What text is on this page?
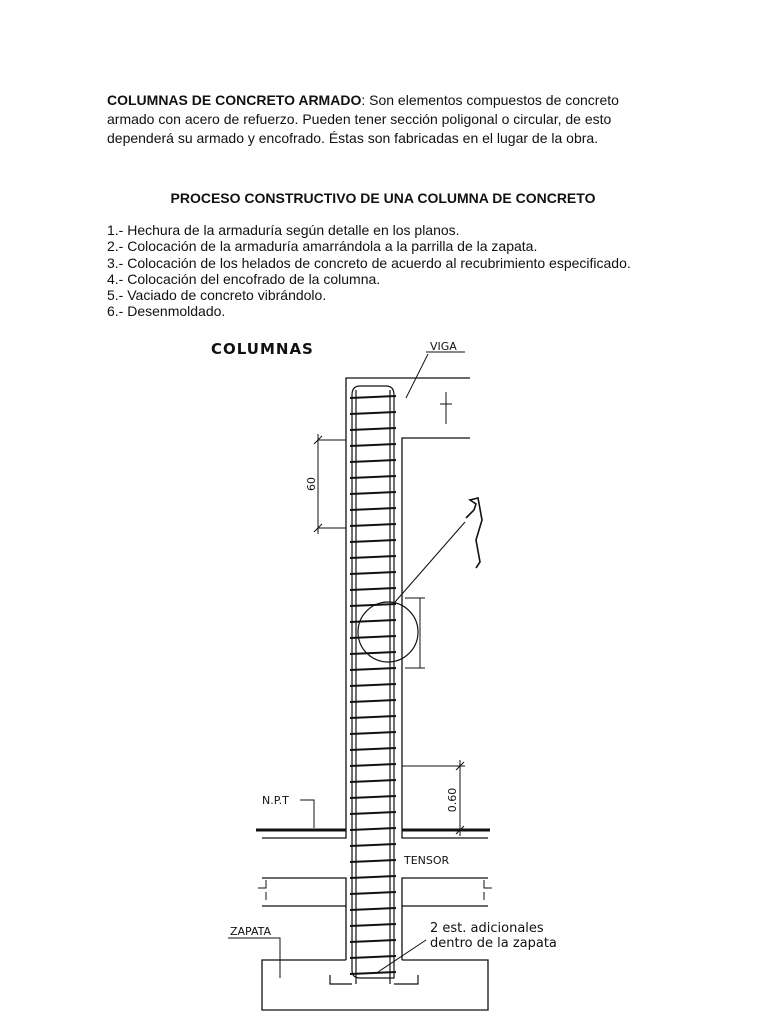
COLUMNAS DE CONCRETO ARMADO: Son elementos compuestos de concreto
armado con acero de refuerzo. Pueden tener sección poligonal o circular, de esto
dependerá su armado y encofrado. Éstas son fabricadas en el lugar de la obra.
PROCESO CONSTRUCTIVO DE UNA COLUMNA DE CONCRETO
1.- Hechura de la armaduría según detalle en los planos.
2.- Colocación de la armaduría amarrándola a la parrilla de la zapata.
3.- Colocación de los helados de concreto de acuerdo al recubrimiento especificado.
4.- Colocación del encofrado de la columna.
5.- Vaciado de concreto vibrándolo.
6.- Desenmoldado.
COLUMNAS	VIGA
60
0.60
N.P.T
TENSOR
ZAPATA	2 est. adicionales
dentro de la zapata
